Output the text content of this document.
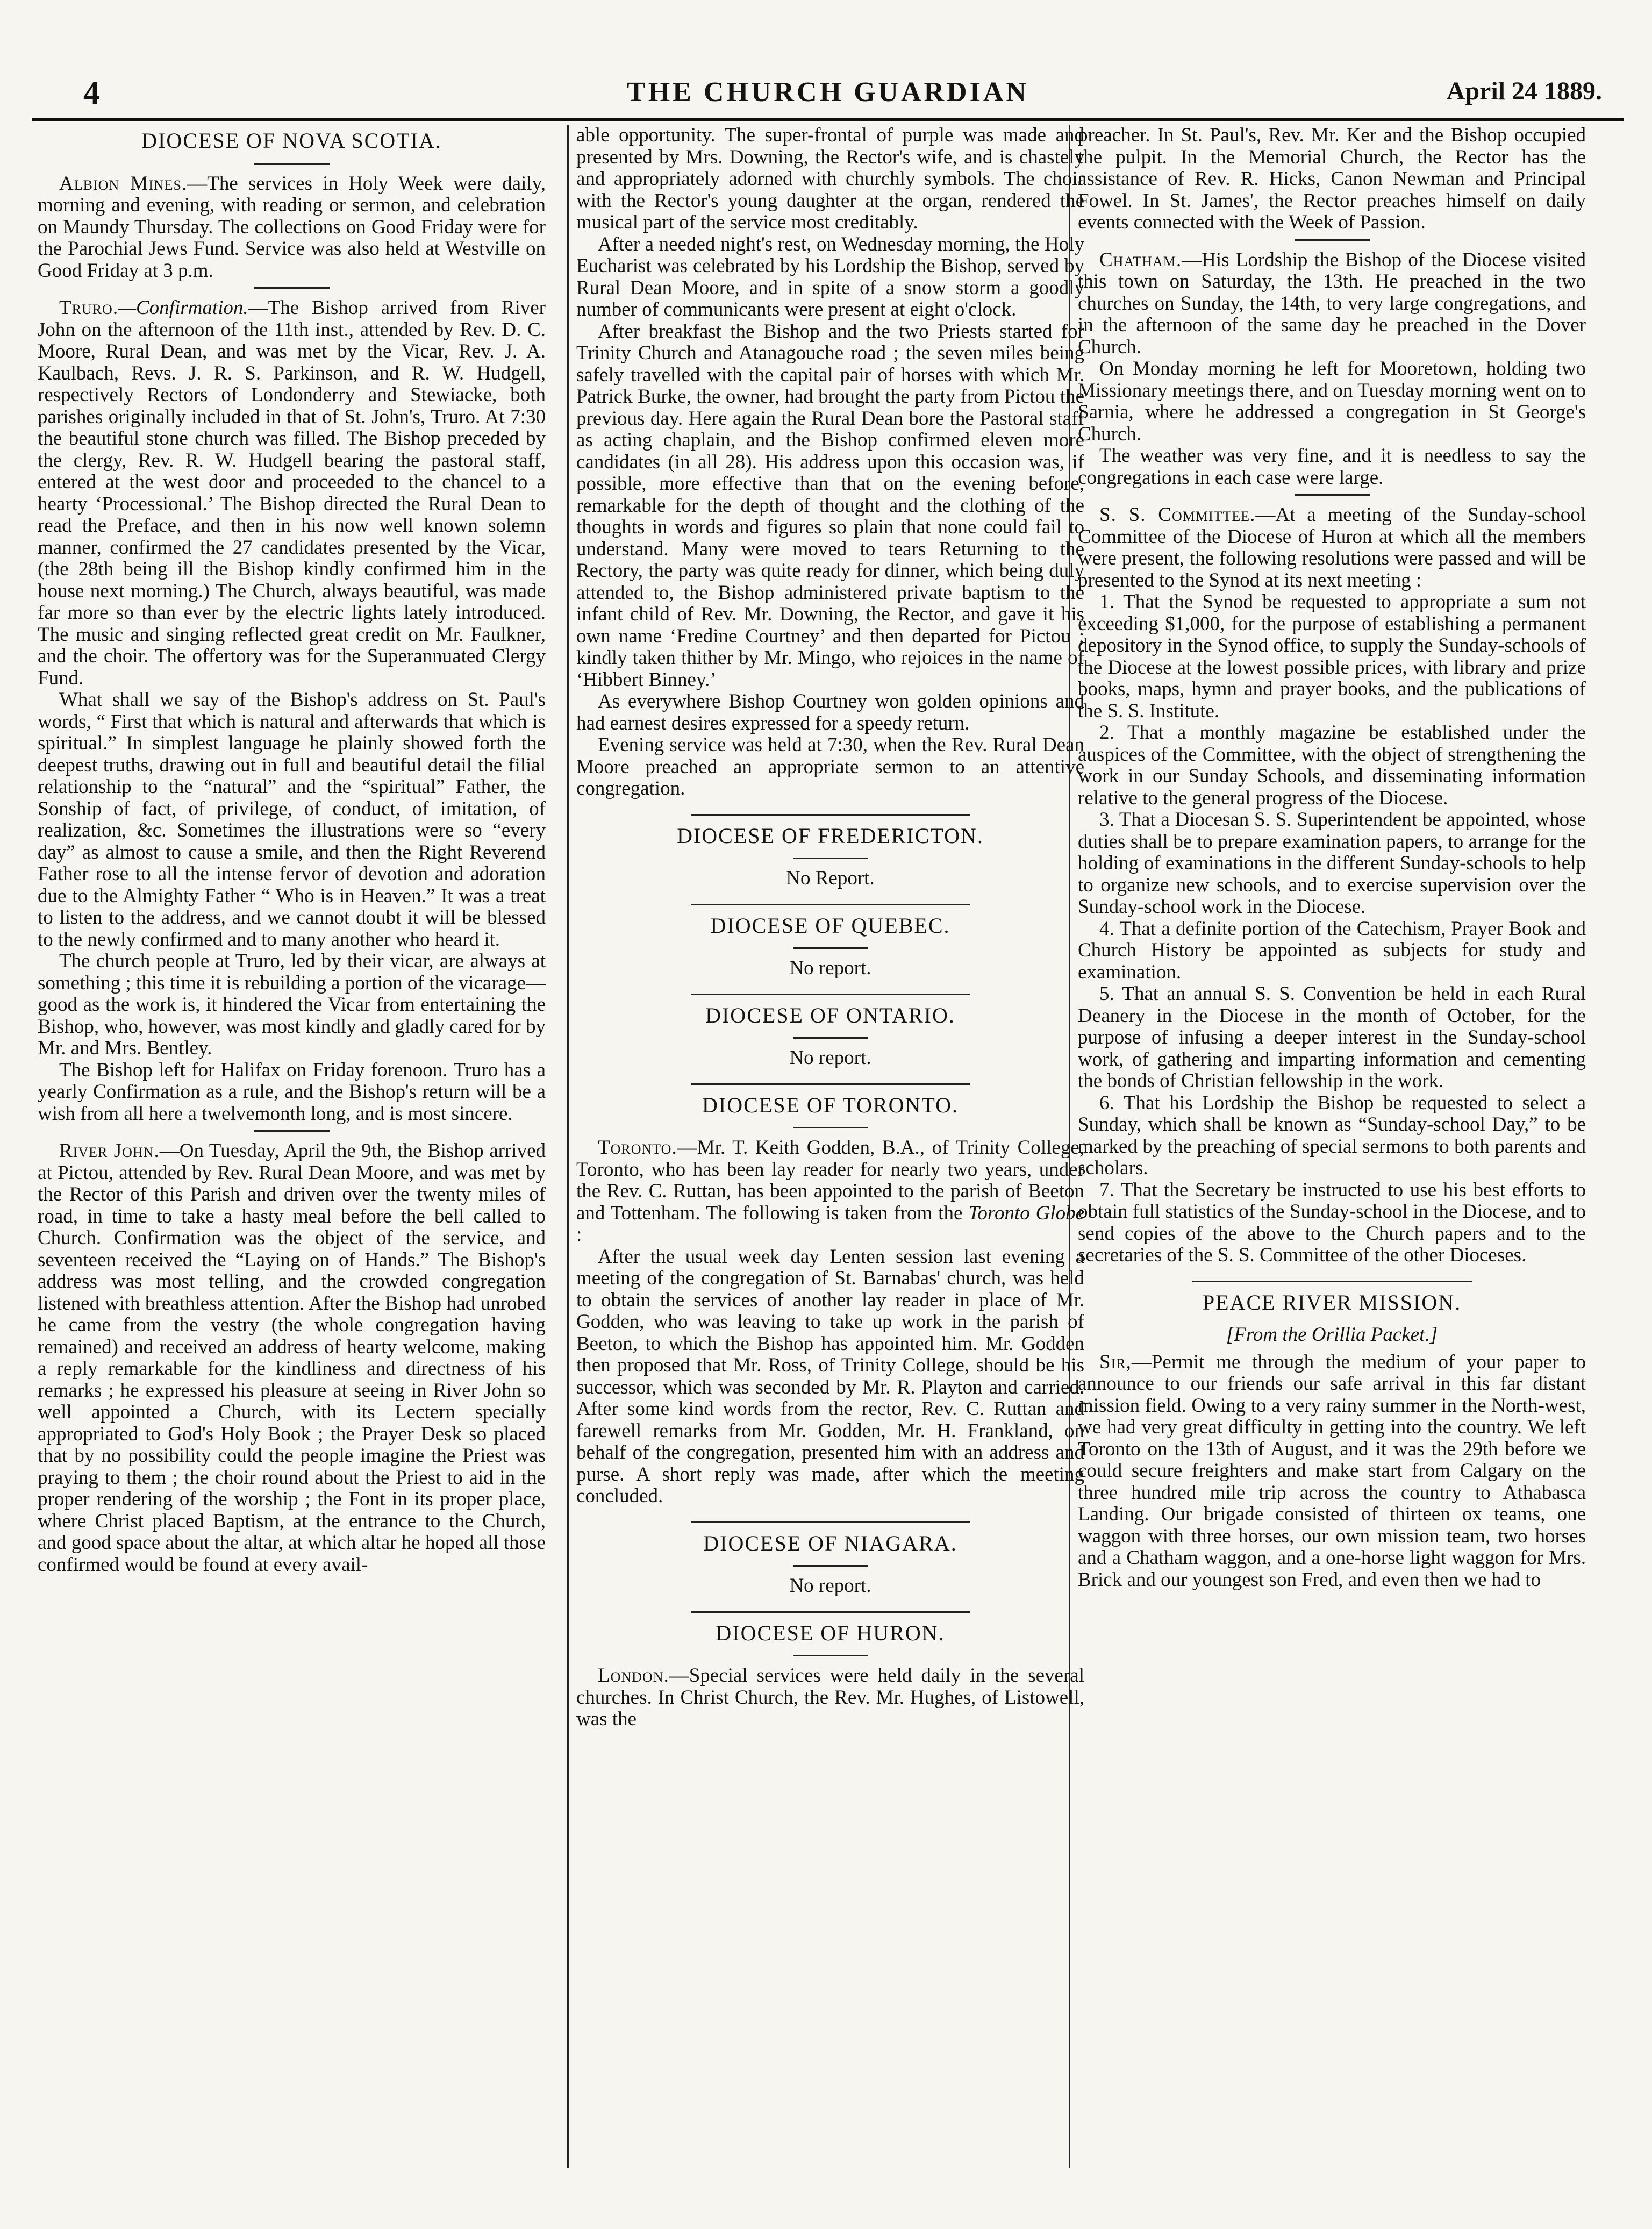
4	THE CHURCH GUARDIAN	April 24 1889.
DIOCESE OF NOVA SCOTIA.

Albion Mines.—The services in Holy Week were daily, morning and evening, with reading or sermon, and celebration on Maundy Thursday. The collections on Good Friday were for the Parochial Jews Fund. Service was also held at Westville on Good Friday at 3 p.m.

Truro.—Confirmation.—The Bishop arrived from River John on the afternoon of the 11th inst., attended by Rev. D. C. Moore, Rural Dean, and was met by the Vicar, Rev. J. A. Kaulbach, Revs. J. R. S. Parkinson, and R. W. Hudgell, respectively Rectors of Londonderry and Stewiacke, both parishes originally included in that of St. John's, Truro. At 7:30 the beautiful stone church was filled. The Bishop preceded by the clergy, Rev. R. W. Hudgell bearing the pastoral staff, entered at the west door and proceeded to the chancel to a hearty ‘Processional.’ The Bishop directed the Rural Dean to read the Preface, and then in his now well known solemn manner, confirmed the 27 candidates presented by the Vicar, (the 28th being ill the Bishop kindly confirmed him in the house next morning.) The Church, always beautiful, was made far more so than ever by the electric lights lately introduced. The music and singing reflected great credit on Mr. Faulkner, and the choir. The offertory was for the Superannuated Clergy Fund.

What shall we say of the Bishop's address on St. Paul's words, “ First that which is natural and afterwards that which is spiritual.” In simplest language he plainly showed forth the deepest truths, drawing out in full and beautiful detail the filial relationship to the “natural” and the “spiritual” Father, the Sonship of fact, of privilege, of conduct, of imitation, of realization, &c. Sometimes the illustrations were so “every day” as almost to cause a smile, and then the Right Reverend Father rose to all the intense fervor of devotion and adoration due to the Almighty Father “ Who is in Heaven.” It was a treat to listen to the address, and we cannot doubt it will be blessed to the newly confirmed and to many another who heard it.

The church people at Truro, led by their vicar, are always at something ; this time it is rebuilding a portion of the vicarage—good as the work is, it hindered the Vicar from entertaining the Bishop, who, however, was most kindly and gladly cared for by Mr. and Mrs. Bentley.

The Bishop left for Halifax on Friday forenoon. Truro has a yearly Confirmation as a rule, and the Bishop's return will be a wish from all here a twelvemonth long, and is most sincere.

River John.—On Tuesday, April the 9th, the Bishop arrived at Pictou, attended by Rev. Rural Dean Moore, and was met by the Rector of this Parish and driven over the twenty miles of road, in time to take a hasty meal before the bell called to Church. Confirmation was the object of the service, and seventeen received the “Laying on of Hands.” The Bishop's address was most telling, and the crowded congregation listened with breathless attention. After the Bishop had unrobed he came from the vestry (the whole congregation having remained) and received an address of hearty welcome, making a reply remarkable for the kindliness and directness of his remarks ; he expressed his pleasure at seeing in River John so well appointed a Church, with its Lectern specially appropriated to God's Holy Book ; the Prayer Desk so placed that by no possibility could the people imagine the Priest was praying to them ; the choir round about the Priest to aid in the proper rendering of the worship ; the Font in its proper place, where Christ placed Baptism, at the entrance to the Church, and good space about the altar, at which altar he hoped all those confirmed would be found at every avail-

able opportunity. The super-frontal of purple was made and presented by Mrs. Downing, the Rector's wife, and is chastely and appropriately adorned with churchly symbols. The choir with the Rector's young daughter at the organ, rendered the musical part of the service most creditably.

After a needed night's rest, on Wednesday morning, the Holy Eucharist was celebrated by his Lordship the Bishop, served by Rural Dean Moore, and in spite of a snow storm a goodly number of communicants were present at eight o'clock.

After breakfast the Bishop and the two Priests started for Trinity Church and Atanagouche road ; the seven miles being safely travelled with the capital pair of horses with which Mr. Patrick Burke, the owner, had brought the party from Pictou the previous day. Here again the Rural Dean bore the Pastoral staff as acting chaplain, and the Bishop confirmed eleven more candidates (in all 28). His address upon this occasion was, if possible, more effective than that on the evening before, remarkable for the depth of thought and the clothing of the thoughts in words and figures so plain that none could fail to understand. Many were moved to tears Returning to the Rectory, the party was quite ready for dinner, which being duly attended to, the Bishop administered private baptism to the infant child of Rev. Mr. Downing, the Rector, and gave it his own name ‘Fredine Courtney’ and then departed for Pictou ; kindly taken thither by Mr. Mingo, who rejoices in the name of ‘Hibbert Binney.’

As everywhere Bishop Courtney won golden opinions and had earnest desires expressed for a speedy return.

Evening service was held at 7:30, when the Rev. Rural Dean Moore preached an appropriate sermon to an attentive congregation.

DIOCESE OF FREDERICTON.
No Report.
DIOCESE OF QUEBEC.
No report.
DIOCESE OF ONTARIO.
No report.
DIOCESE OF TORONTO.

Toronto.—Mr. T. Keith Godden, B.A., of Trinity College, Toronto, who has been lay reader for nearly two years, under the Rev. C. Ruttan, has been appointed to the parish of Beeton and Tottenham. The following is taken from the Toronto Globe :

After the usual week day Lenten session last evening a meeting of the congregation of St. Barnabas' church, was held to obtain the services of another lay reader in place of Mr. Godden, who was leaving to take up work in the parish of Beeton, to which the Bishop has appointed him. Mr. Godden then proposed that Mr. Ross, of Trinity College, should be his successor, which was seconded by Mr. R. Playton and carried. After some kind words from the rector, Rev. C. Ruttan and farewell remarks from Mr. Godden, Mr. H. Frankland, on behalf of the congregation, presented him with an address and purse. A short reply was made, after which the meeting concluded.

DIOCESE OF NIAGARA.
No report.
DIOCESE OF HURON.

London.—Special services were held daily in the several churches. In Christ Church, the Rev. Mr. Hughes, of Listowell, was the

preacher. In St. Paul's, Rev. Mr. Ker and the Bishop occupied the pulpit. In the Memorial Church, the Rector has the assistance of Rev. R. Hicks, Canon Newman and Principal Fowel. In St. James', the Rector preaches himself on daily events connected with the Week of Passion.

Chatham.—His Lordship the Bishop of the Diocese visited this town on Saturday, the 13th. He preached in the two churches on Sunday, the 14th, to very large congregations, and in the afternoon of the same day he preached in the Dover Church.

On Monday morning he left for Mooretown, holding two Missionary meetings there, and on Tuesday morning went on to Sarnia, where he addressed a congregation in St George's Church.

The weather was very fine, and it is needless to say the congregations in each case were large.

S. S. Committee.—At a meeting of the Sunday-school Committee of the Diocese of Huron at which all the members were present, the following resolutions were passed and will be presented to the Synod at its next meeting :

1. That the Synod be requested to appropriate a sum not exceeding $1,000, for the purpose of establishing a permanent depository in the Synod office, to supply the Sunday-schools of the Diocese at the lowest possible prices, with library and prize books, maps, hymn and prayer books, and the publications of the S. S. Institute.

2. That a monthly magazine be established under the auspices of the Committee, with the object of strengthening the work in our Sunday Schools, and disseminating information relative to the general progress of the Diocese.

3. That a Diocesan S. S. Superintendent be appointed, whose duties shall be to prepare examination papers, to arrange for the holding of examinations in the different Sunday-schools to help to organize new schools, and to exercise supervision over the Sunday-school work in the Diocese.

4. That a definite portion of the Catechism, Prayer Book and Church History be appointed as subjects for study and examination.

5. That an annual S. S. Convention be held in each Rural Deanery in the Diocese in the month of October, for the purpose of infusing a deeper interest in the Sunday-school work, of gathering and imparting information and cementing the bonds of Christian fellowship in the work.

6. That his Lordship the Bishop be requested to select a Sunday, which shall be known as “Sunday-school Day,” to be marked by the preaching of special sermons to both parents and scholars.

7. That the Secretary be instructed to use his best efforts to obtain full statistics of the Sunday-school in the Diocese, and to send copies of the above to the Church papers and to the secretaries of the S. S. Committee of the other Dioceses.

PEACE RIVER MISSION.
[From the Orillia Packet.]

Sir,—Permit me through the medium of your paper to announce to our friends our safe arrival in this far distant mission field. Owing to a very rainy summer in the North-west, we had very great difficulty in getting into the country. We left Toronto on the 13th of August, and it was the 29th before we could secure freighters and make start from Calgary on the three hundred mile trip across the country to Athabasca Landing. Our brigade consisted of thirteen ox teams, one waggon with three horses, our own mission team, two horses and a Chatham waggon, and a one-horse light waggon for Mrs. Brick and our youngest son Fred, and even then we had to
